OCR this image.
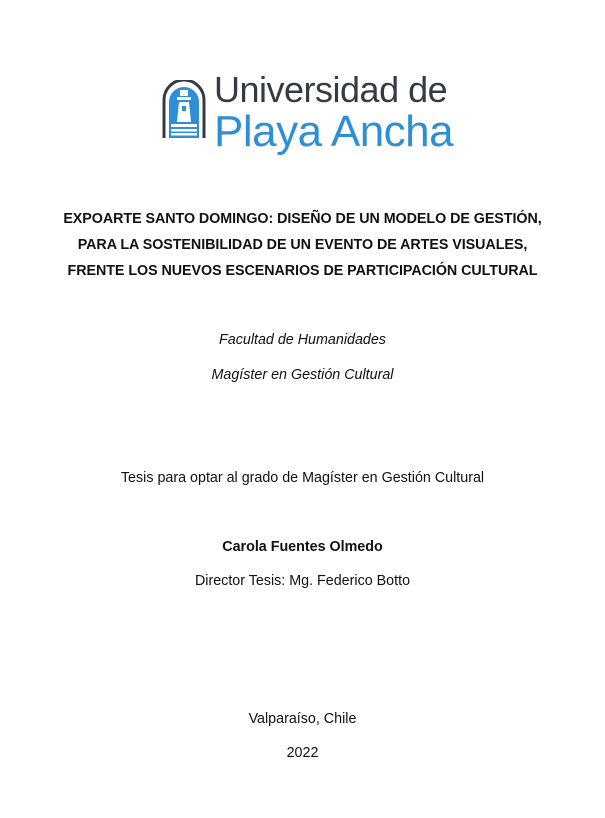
Universidad de
Playa Ancha
EXPOARTE SANTO DOMINGO: DISEÑO DE UN MODELO DE GESTIÓN,
PARA LA SOSTENIBILIDAD DE UN EVENTO DE ARTES VISUALES,
FRENTE LOS NUEVOS ESCENARIOS DE PARTICIPACIÓN CULTURAL
Facultad de Humanidades
Magíster en Gestión Cultural
Tesis para optar al grado de Magíster en Gestión Cultural
Carola Fuentes Olmedo
Director Tesis: Mg. Federico Botto
Valparaíso, Chile
2022
